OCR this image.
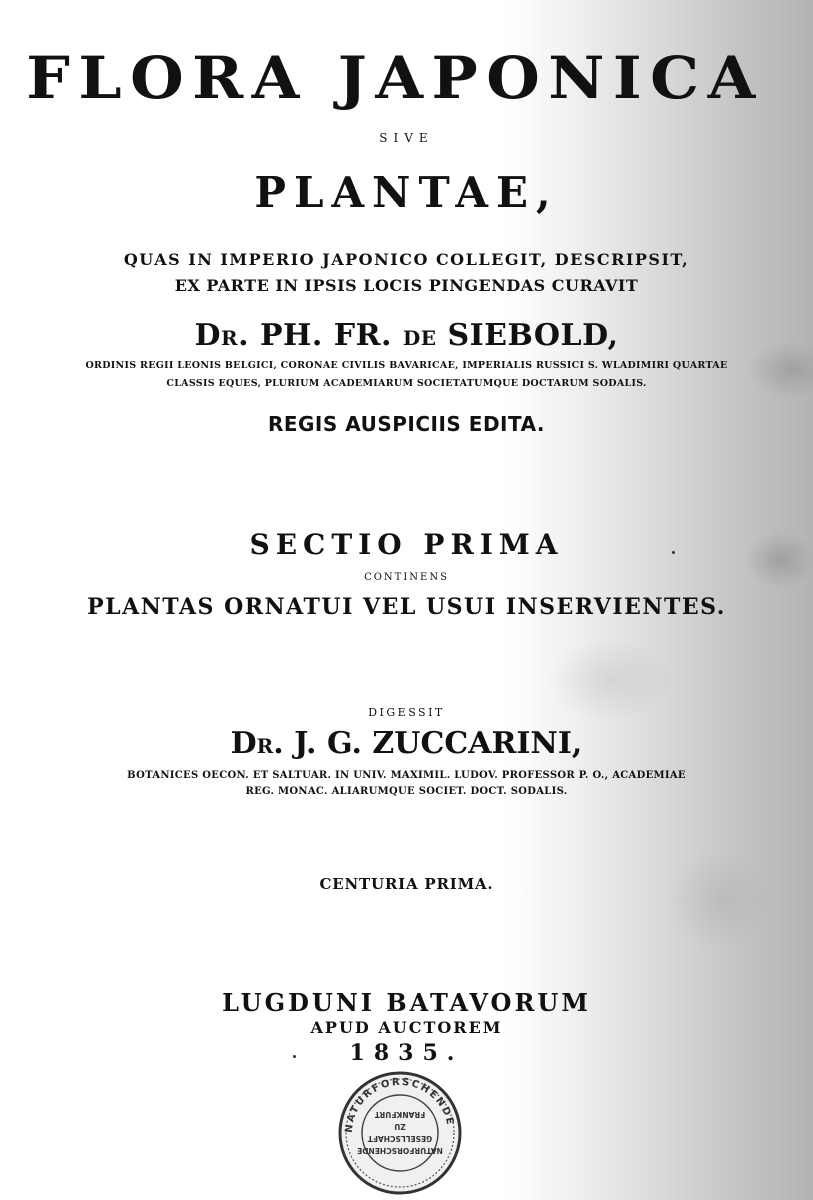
FLORA JAPONICA
SIVE
PLANTAE,
QUAS IN IMPERIO JAPONICO COLLEGIT, DESCRIPSIT,
EX PARTE IN IPSIS LOCIS PINGENDAS CURAVIT
DR. PH. FR. DE SIEBOLD,
ORDINIS REGII LEONIS BELGICI, CORONAE CIVILIS BAVARICAE, IMPERIALIS RUSSICI S. WLADIMIRI QUARTAE
CLASSIS EQUES, PLURIUM ACADEMIARUM SOCIETATUMQUE DOCTARUM SODALIS.
REGIS AUSPICIIS EDITA.
SECTIO PRIMA
CONTINENS
PLANTAS ORNATUI VEL USUI INSERVIENTES.
DIGESSIT
DR. J. G. ZUCCARINI,
BOTANICES OECON. ET SALTUAR. IN UNIV. MAXIMIL. LUDOV. PROFESSOR P. O., ACADEMIAE
REG. MONAC. ALIARUMQUE SOCIET. DOCT. SODALIS.
CENTURIA PRIMA.
LUGDUNI BATAVORUM
APUD AUCTOREM
1835.
NATURFORSCHENDE
NATURFORSCHENDE
GESELLSCHAFT
ZU
FRANKFURT
